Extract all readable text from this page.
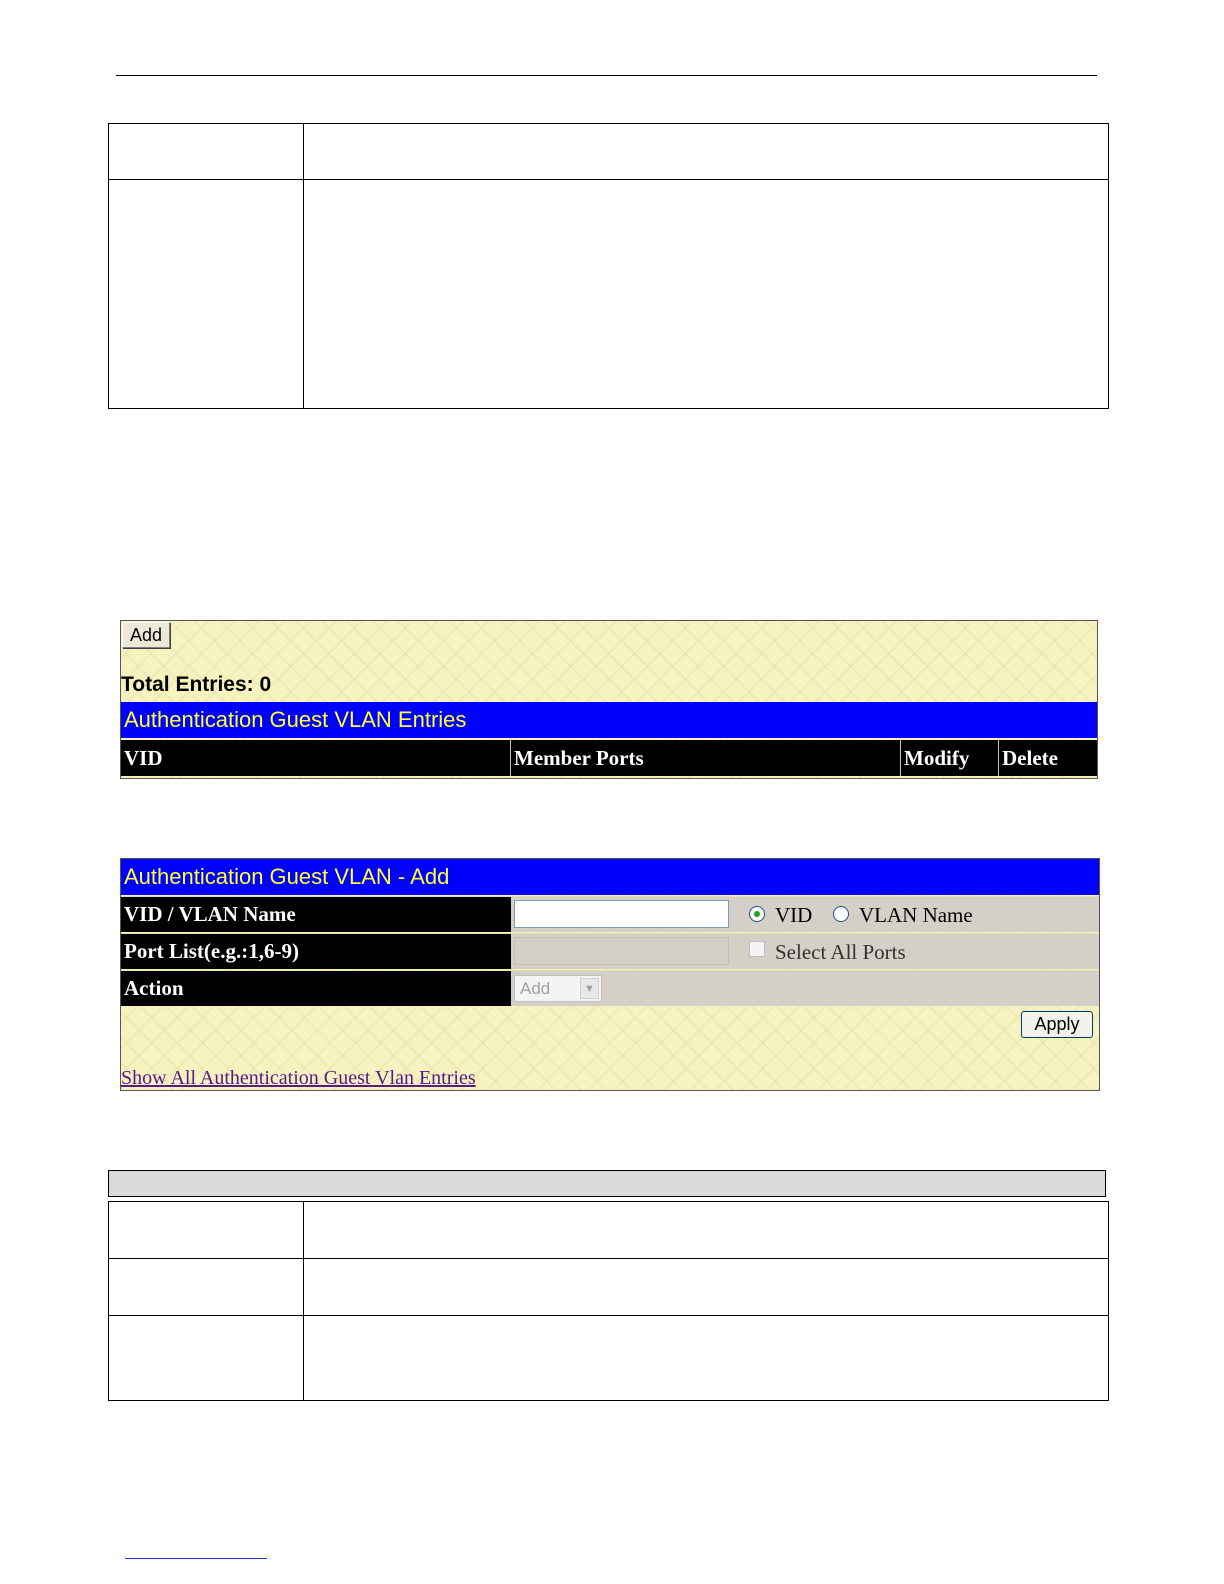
Add
Total Entries: 0
Authentication Guest VLAN Entries
VID	Member Ports	Modify	Delete
Authentication Guest VLAN - Add
VID / VLAN Name	VID VLAN Name
Port List(e.g.:1,6-9)	Select All Ports
Action	Add	▼
Apply
Show All Authentication Guest Vlan Entries
